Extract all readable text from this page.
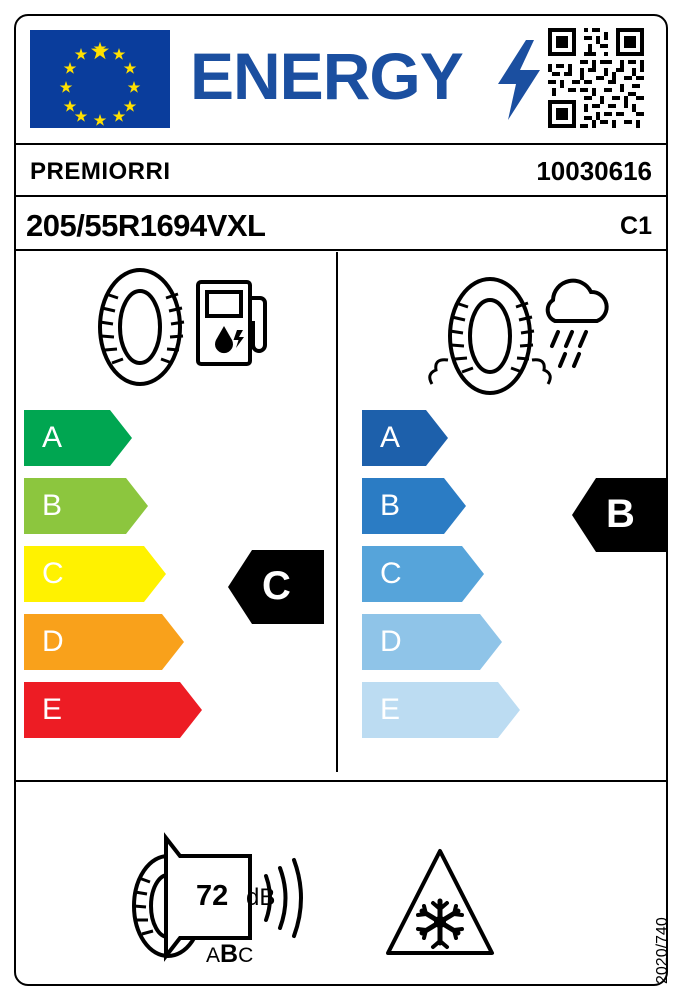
ENERGY
PREMIORRI	10030616
205/55R1694VXL	C1
A
B
C
D
E
C
A
B
C
D
E
B
72 dB
ABC	2020/740
